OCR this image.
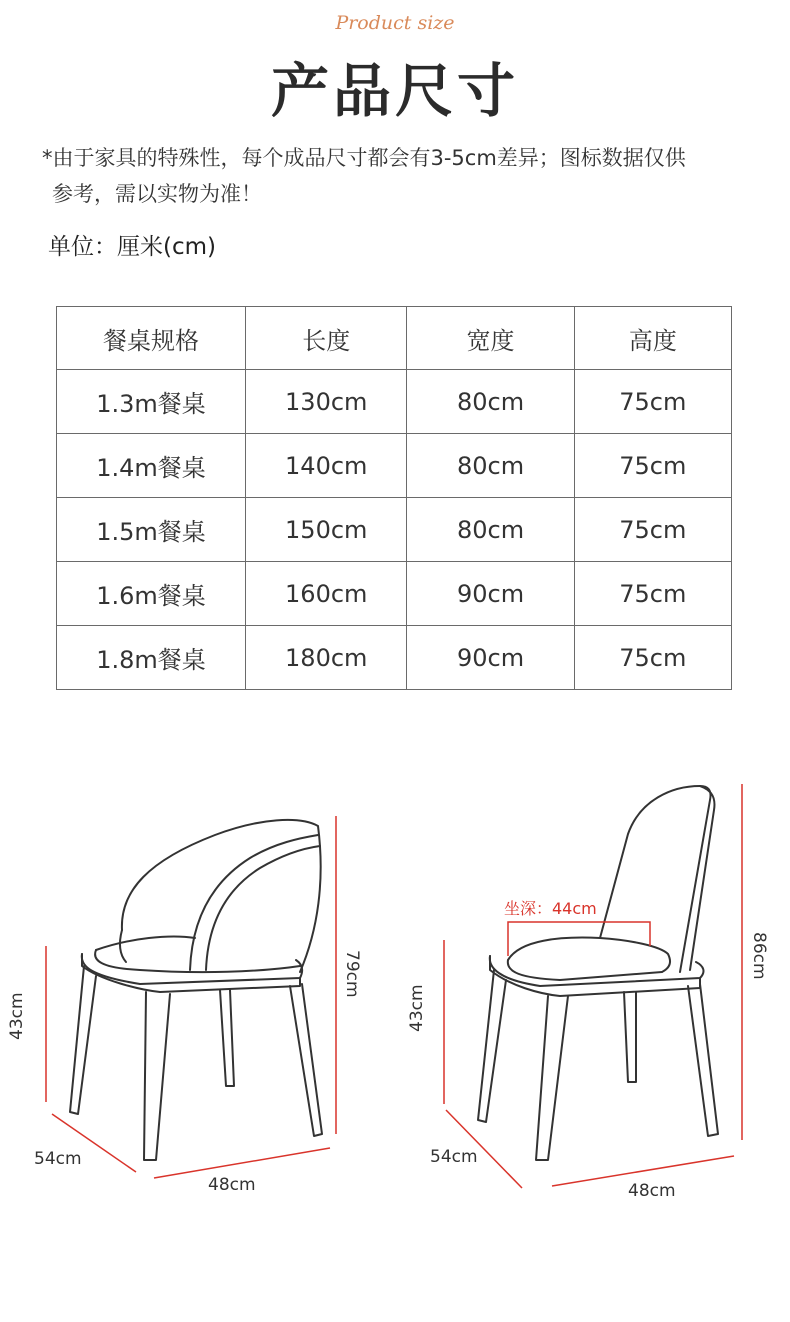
Product size
产品尺寸
*由于家具的特殊性，每个成品尺寸都会有3-5cm差异；图标数据仅供
参考，需以实物为准！
单位：厘米(cm)
餐桌规格	长度	宽度	高度
1.3m餐桌	130cm	80cm	75cm
1.4m餐桌	140cm	80cm	75cm
1.5m餐桌	150cm	80cm	75cm
1.6m餐桌	160cm	90cm	75cm
1.8m餐桌	180cm	90cm	75cm
79cm
43cm
54cm
48cm
86cm
43cm
54cm
48cm
坐深：44cm
